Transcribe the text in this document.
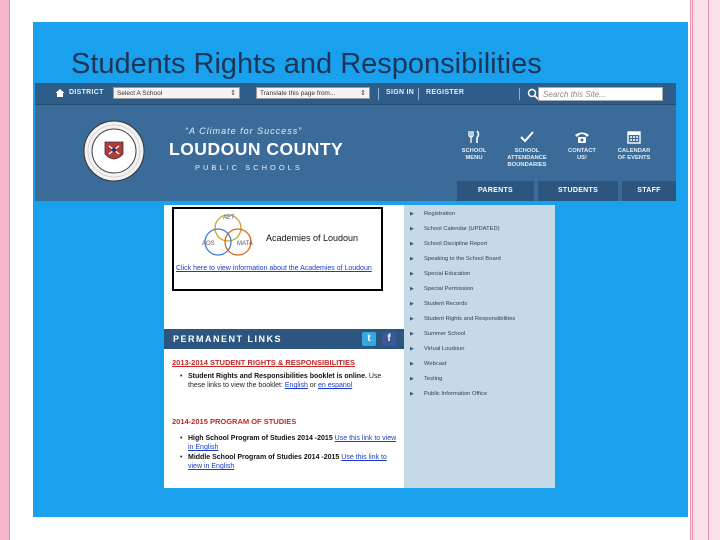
Students Rights and Responsibilities
DISTRICT	Select A School	⇕	Translate this page from...	⇕	SIGN IN REGISTER	Search this Site...
“A Climate for Success”
LOUDOUN COUNTY
PUBLIC SCHOOLS
SCHOOL
MENU
SCHOOL
ATTENDANCE
BOUNDARIES
CONTACT
US!
CALENDAR
OF EVENTS
PARENTS	STUDENTS	STAFF
AET
AOS	MATA
Academies of Loudoun
Click here to view information about the Academies of Loudoun
PERMANENT LINKS	t	f
2013-2014 STUDENT RIGHTS & RESPONSIBILITIES
• Student Rights and Responsibilities booklet is online. Use these links to view the booklet: English or en espanol
2014-2015 PROGRAM OF STUDIES
• High School Program of Studies 2014 -2015 Use this link to view in English
• Middle School Program of Studies 2014 -2015 Use this link to view in English
▶ Registration
▶ School Calendar (UPDATED)
▶ School Discipline Report
▶ Speaking to the School Board
▶ Special Education
▶ Special Permission
▶ Student Records
▶ Student Rights and Responsibilities
▶ Summer School
▶ Virtual Loudoun
▶ Webcast
▶ Testing
▶ Public Information Office
